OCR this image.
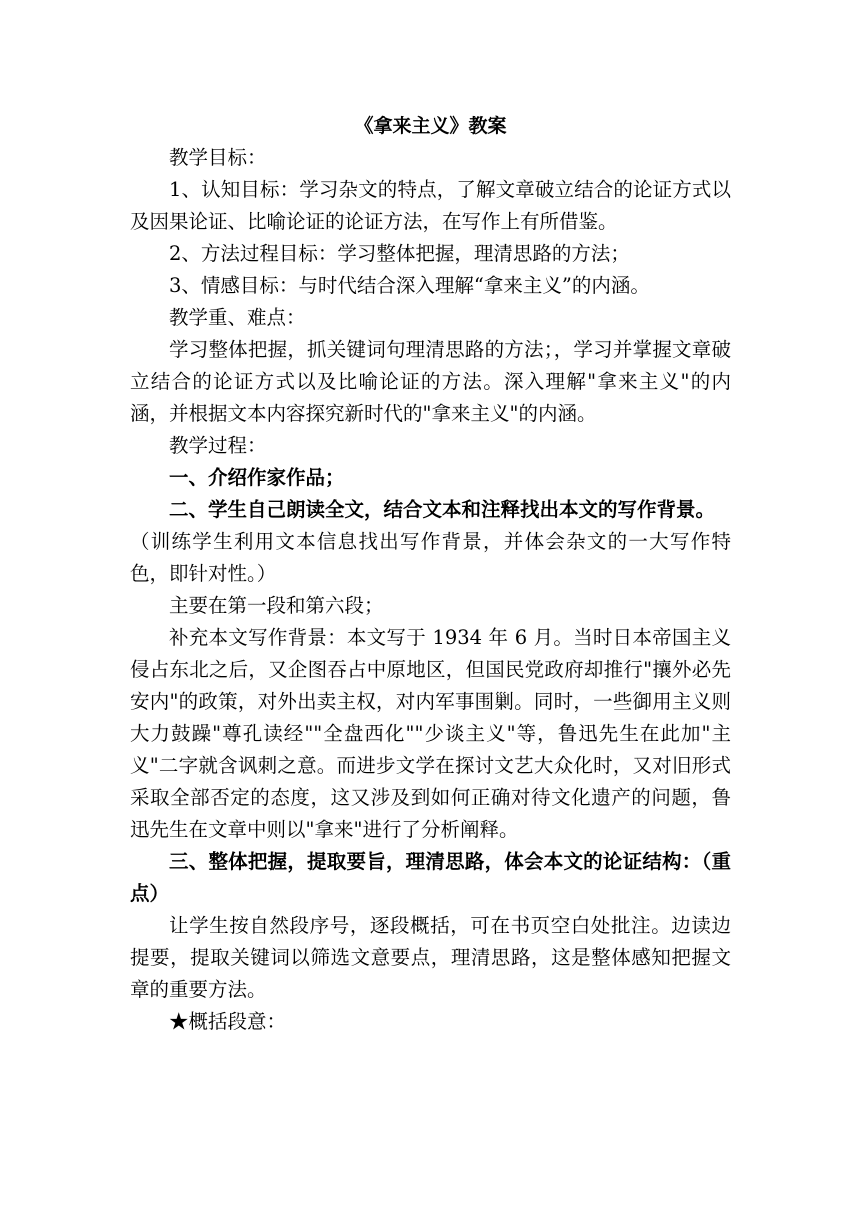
《拿来主义》教案

教学目标：

1、认知目标：学习杂文的特点，了解文章破立结合的论证方式以及因果论证、比喻论证的论证方法，在写作上有所借鉴。

2、方法过程目标：学习整体把握，理清思路的方法；

3、情感目标：与时代结合深入理解“拿来主义”的内涵。

教学重、难点：

学习整体把握，抓关键词句理清思路的方法；，学习并掌握文章破立结合的论证方式以及比喻论证的方法。深入理解"拿来主义"的内涵，并根据文本内容探究新时代的"拿来主义"的内涵。

教学过程：

一、介绍作家作品；

二、学生自己朗读全文，结合文本和注释找出本文的写作背景。

（训练学生利用文本信息找出写作背景，并体会杂文的一大写作特色，即针对性。）

主要在第一段和第六段；

补充本文写作背景：本文写于 1934 年 6 月。当时日本帝国主义侵占东北之后，又企图吞占中原地区，但国民党政府却推行"攘外必先安内"的政策，对外出卖主权，对内军事围剿。同时，一些御用主义则大力鼓躁"尊孔读经""全盘西化""少谈主义"等，鲁迅先生在此加"主义"二字就含讽刺之意。而进步文学在探讨文艺大众化时，又对旧形式采取全部否定的态度，这又涉及到如何正确对待文化遗产的问题，鲁迅先生在文章中则以"拿来"进行了分析阐释。

三、整体把握，提取要旨，理清思路，体会本文的论证结构：（重点）

让学生按自然段序号，逐段概括，可在书页空白处批注。边读边提要，提取关键词以筛选文意要点，理清思路，这是整体感知把握文章的重要方法。

★概括段意：
